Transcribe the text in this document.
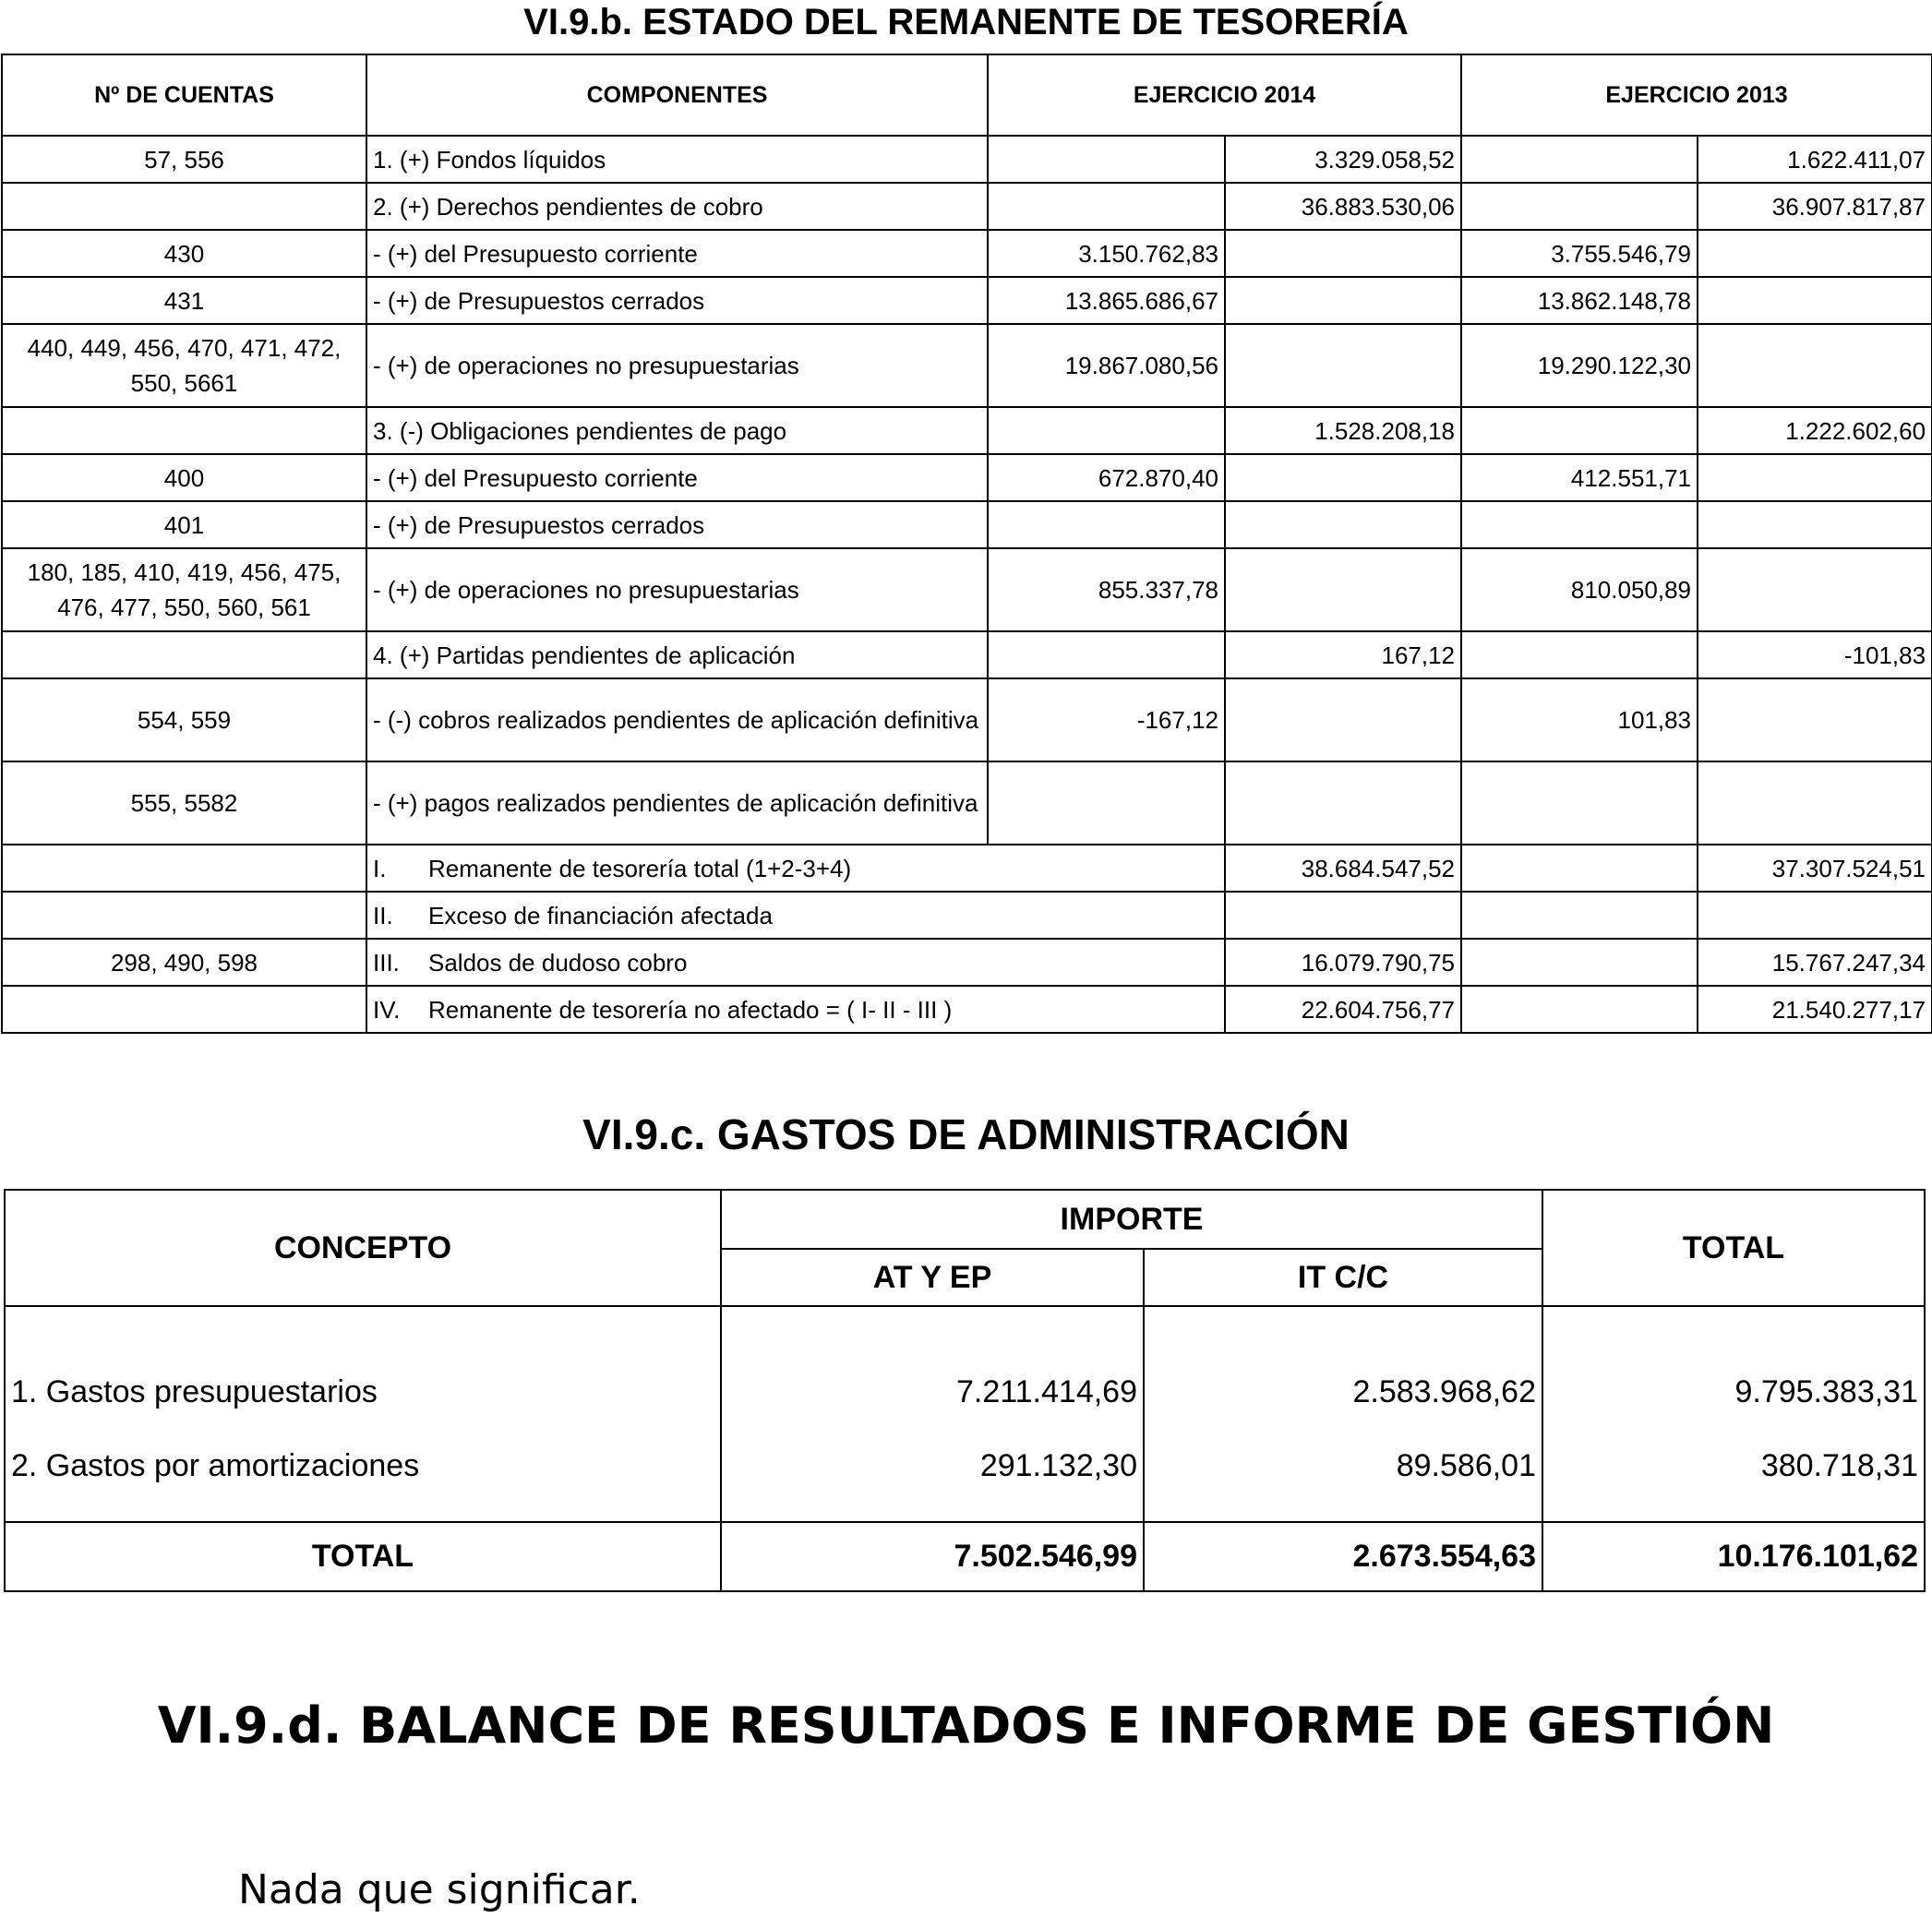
VI.9.b. ESTADO DEL REMANENTE DE TESORERÍA
Nº DE CUENTAS	COMPONENTES	EJERCICIO 2014		EJERCICIO 2013	
57, 556	1. (+) Fondos líquidos		3.329.058,52		1.622.411,07
	2. (+) Derechos pendientes de cobro		36.883.530,06		36.907.817,87
430	- (+) del Presupuesto corriente	3.150.762,83		3.755.546,79	
431	- (+) de Presupuestos cerrados	13.865.686,67		13.862.148,78	
440, 449, 456, 470, 471, 472, 550, 5661	- (+) de operaciones no presupuestarias	19.867.080,56		19.290.122,30	
	3. (-) Obligaciones pendientes de pago		1.528.208,18		1.222.602,60
400	- (+) del Presupuesto corriente	672.870,40		412.551,71	
401	- (+) de Presupuestos cerrados				
180, 185, 410, 419, 456, 475, 476, 477, 550, 560, 561	- (+) de operaciones no presupuestarias	855.337,78		810.050,89	
	4. (+) Partidas pendientes de aplicación		167,12		-101,83
554, 559	- (-) cobros realizados pendientes de aplicación definitiva	-167,12		101,83	
555, 5582	- (+) pagos realizados pendientes de aplicación definitiva				
	I. Remanente de tesorería total (1+2-3+4)		38.684.547,52		37.307.524,51
	II. Exceso de financiación afectada				
298, 490, 598	III. Saldos de dudoso cobro		16.079.790,75		15.767.247,34
	IV. Remanente de tesorería no afectado = ( I- II - III )		22.604.756,77		21.540.277,17
VI.9.c. GASTOS DE ADMINISTRACIÓN
CONCEPTO	IMPORTE		TOTAL
	AT Y EP	IT C/C	
1. Gastos presupuestarios	7.211.414,69	2.583.968,62	9.795.383,31
2. Gastos por amortizaciones	291.132,30	89.586,01	380.718,31
TOTAL	7.502.546,99	2.673.554,63	10.176.101,62
VI.9.d. BALANCE DE RESULTADOS E INFORME DE GESTIÓN

Nada que significar.
